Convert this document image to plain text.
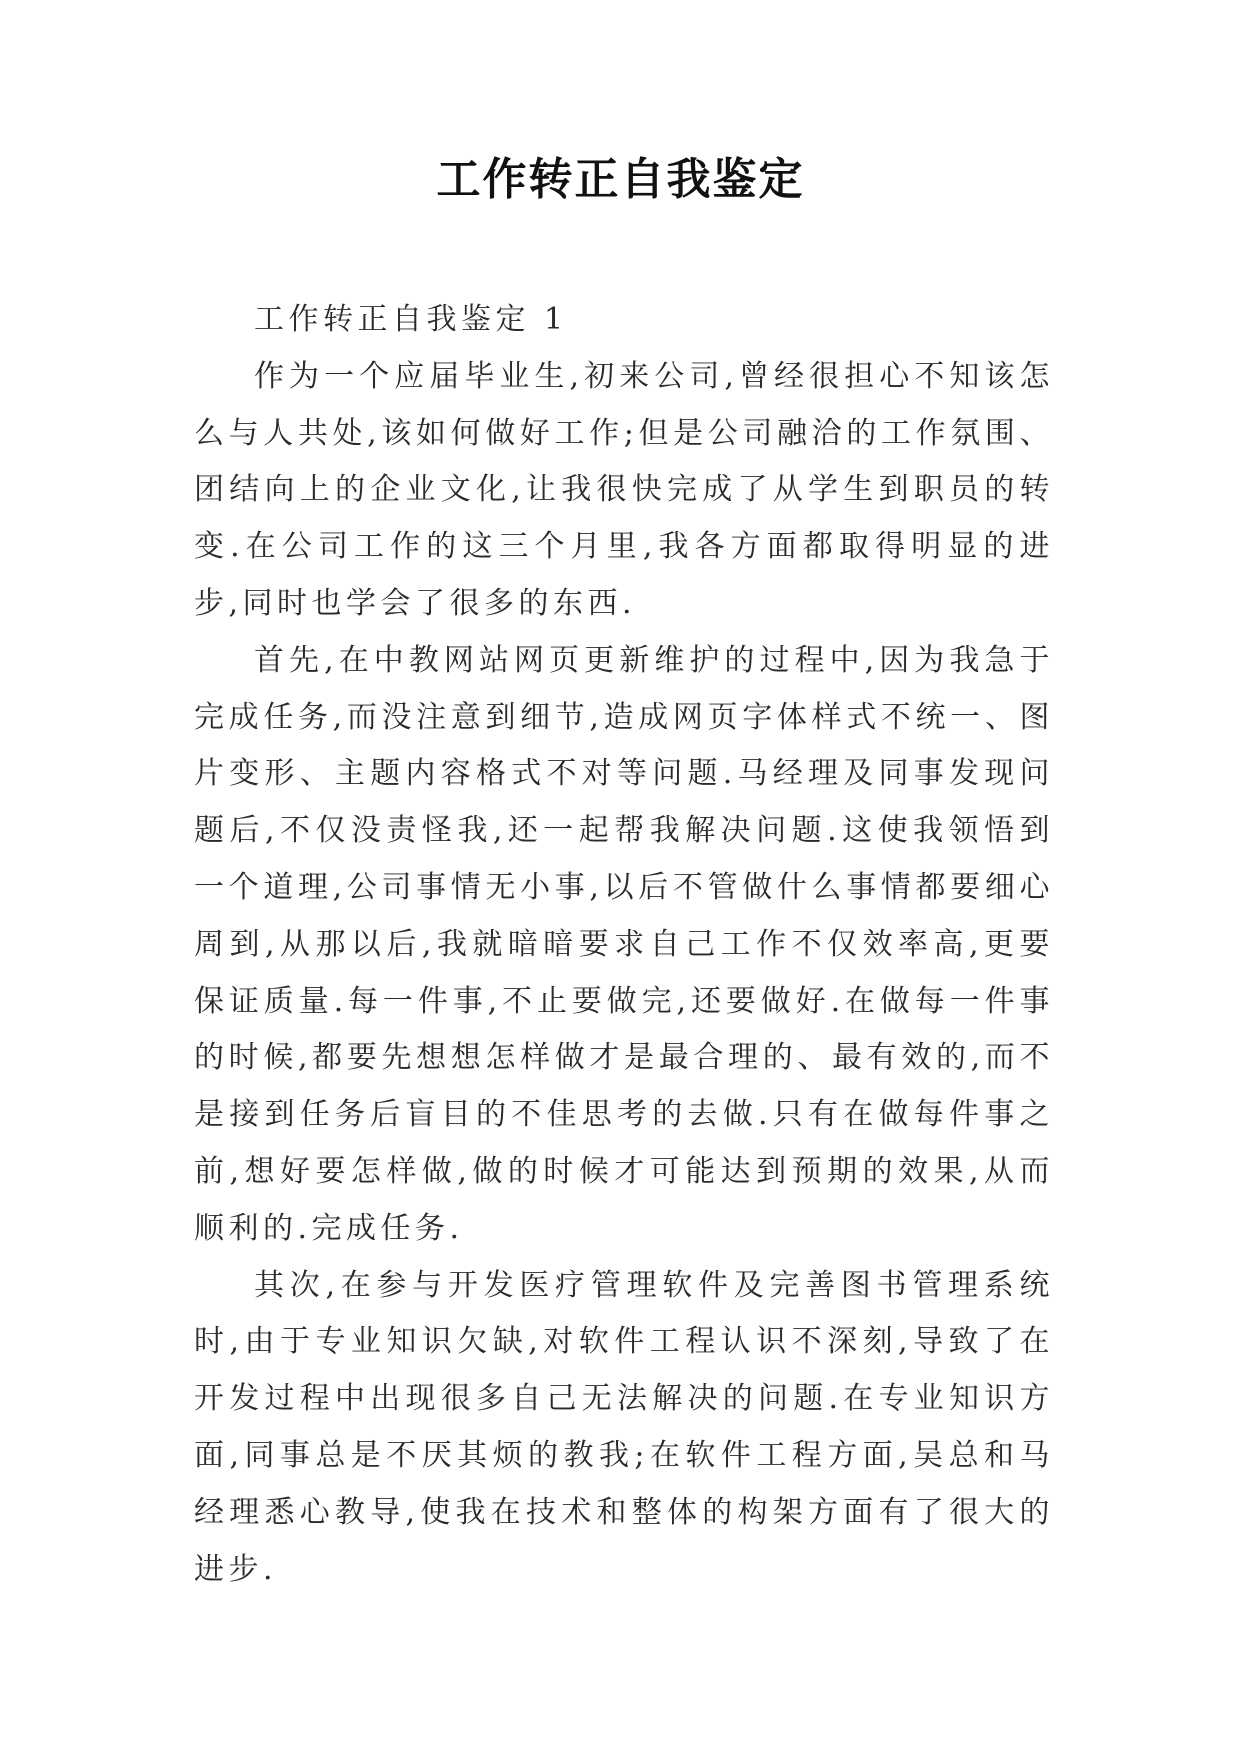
工作转正自我鉴定

工作转正自我鉴定 1

作为一个应届毕业生,初来公司,曾经很担心不知该怎么与人共处,该如何做好工作;但是公司融洽的工作氛围、团结向上的企业文化,让我很快完成了从学生到职员的转变.在公司工作的这三个月里,我各方面都取得明显的进步,同时也学会了很多的东西.

首先,在中教网站网页更新维护的过程中,因为我急于完成任务,而没注意到细节,造成网页字体样式不统一、图片变形、主题内容格式不对等问题.马经理及同事发现问题后,不仅没责怪我,还一起帮我解决问题.这使我领悟到一个道理,公司事情无小事,以后不管做什么事情都要细心周到,从那以后,我就暗暗要求自己工作不仅效率高,更要保证质量.每一件事,不止要做完,还要做好.在做每一件事的时候,都要先想想怎样做才是最合理的、最有效的,而不是接到任务后盲目的不佳思考的去做.只有在做每件事之前,想好要怎样做,做的时候才可能达到预期的效果,从而顺利的.完成任务.

其次,在参与开发医疗管理软件及完善图书管理系统时,由于专业知识欠缺,对软件工程认识不深刻,导致了在开发过程中出现很多自己无法解决的问题.在专业知识方面,同事总是不厌其烦的教我;在软件工程方面,吴总和马经理悉心教导,使我在技术和整体的构架方面有了很大的进步.
